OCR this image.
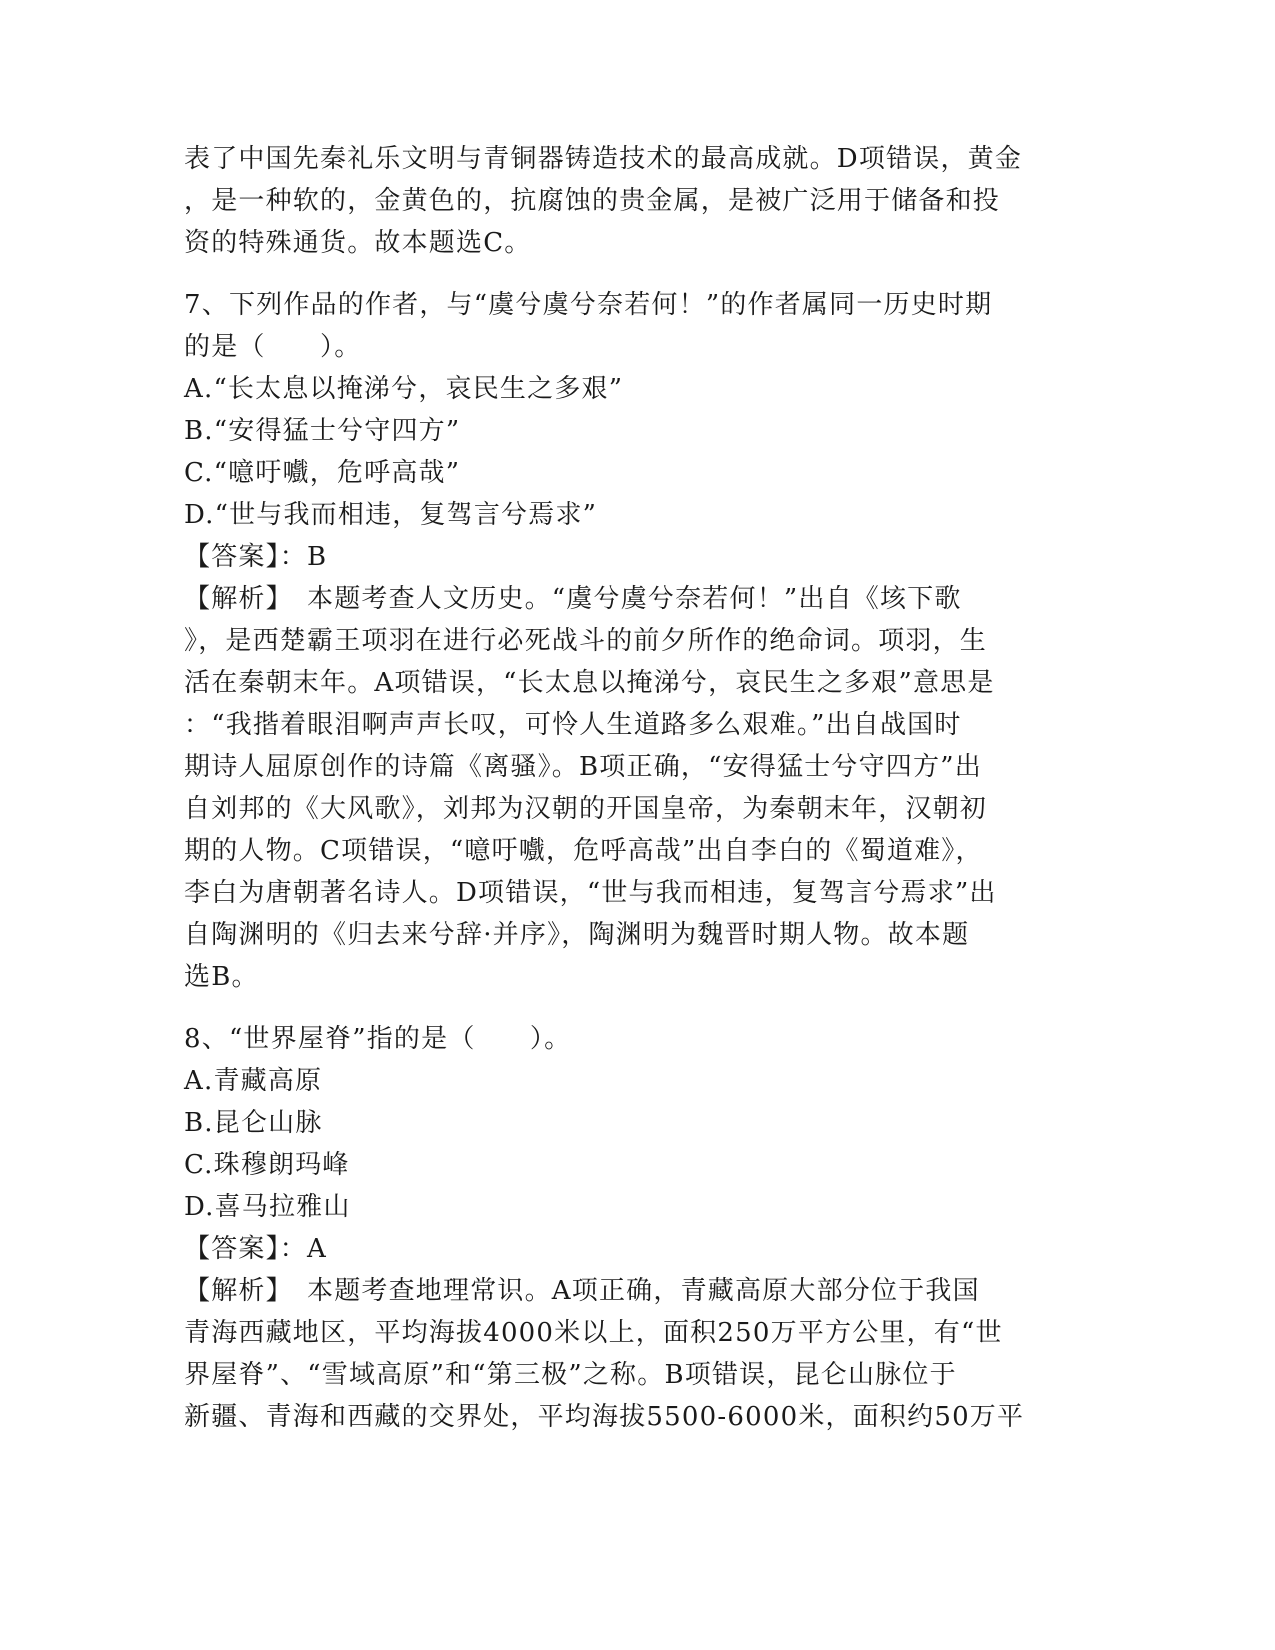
表了中国先秦礼乐文明与青铜器铸造技术的最高成就。D项错误，黄金
，是一种软的，金黄色的，抗腐蚀的贵金属，是被广泛用于储备和投
资的特殊通货。故本题选C。
7、下列作品的作者，与“虞兮虞兮奈若何！”的作者属同一历史时期
的是（　　）。
A.“长太息以掩涕兮，哀民生之多艰”
B.“安得猛士兮守四方”
C.“噫吁嚱，危呼高哉”
D.“世与我而相违，复驾言兮焉求”
【答案】：B
【解析】　本题考查人文历史。“虞兮虞兮奈若何！”出自《垓下歌
》，是西楚霸王项羽在进行必死战斗的前夕所作的绝命词。项羽，生
活在秦朝末年。A项错误，“长太息以掩涕兮，哀民生之多艰”意思是
：“我揩着眼泪啊声声长叹，可怜人生道路多么艰难。”出自战国时
期诗人屈原创作的诗篇《离骚》。B项正确，“安得猛士兮守四方”出
自刘邦的《大风歌》，刘邦为汉朝的开国皇帝，为秦朝末年，汉朝初
期的人物。C项错误，“噫吁嚱，危呼高哉”出自李白的《蜀道难》，
李白为唐朝著名诗人。D项错误，“世与我而相违，复驾言兮焉求”出
自陶渊明的《归去来兮辞·并序》，陶渊明为魏晋时期人物。故本题
选B。
8、“世界屋脊”指的是（　　）。
A.青藏高原
B.昆仑山脉
C.珠穆朗玛峰
D.喜马拉雅山
【答案】：A
【解析】　本题考查地理常识。A项正确，青藏高原大部分位于我国
青海西藏地区，平均海拔4000米以上，面积250万平方公里，有“世
界屋脊”、“雪域高原”和“第三极”之称。B项错误，昆仑山脉位于
新疆、青海和西藏的交界处，平均海拔5500-6000米，面积约50万平
